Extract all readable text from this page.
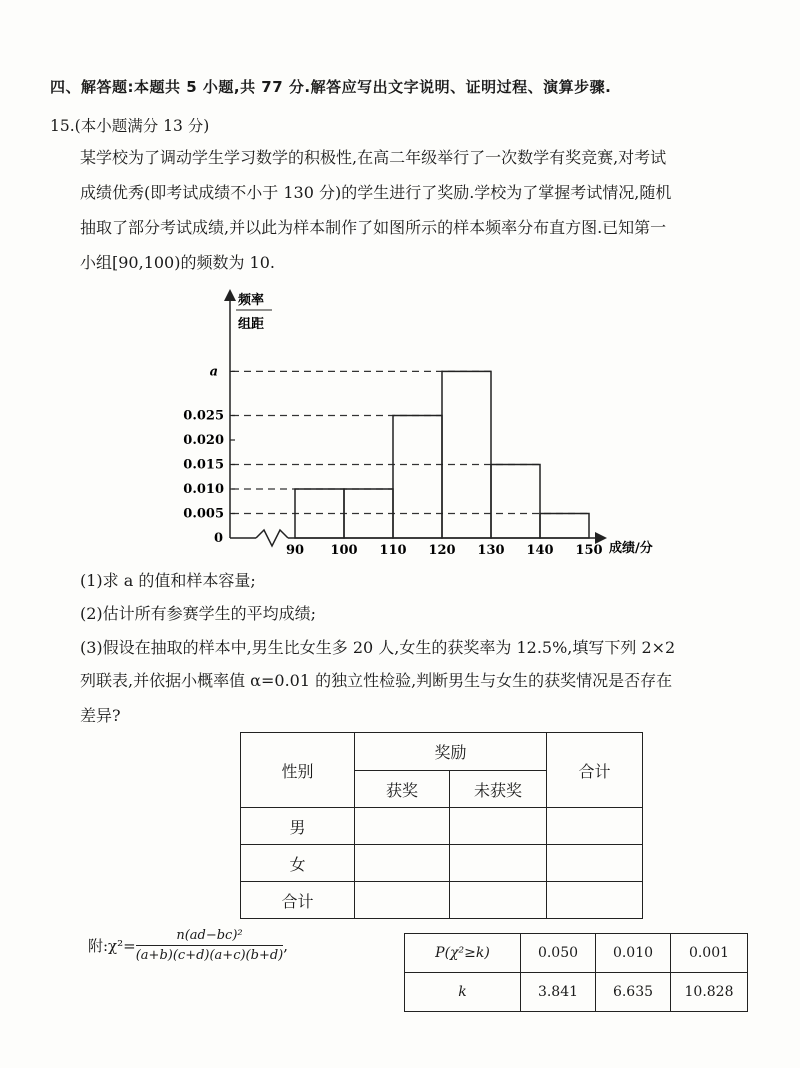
四、解答题:本题共 5 小题,共 77 分.解答应写出文字说明、证明过程、演算步骤.
15.(本小题满分 13 分)

某学校为了调动学生学习数学的积极性,在高二年级举行了一次数学有奖竞赛,对考试

成绩优秀(即考试成绩不小于 130 分)的学生进行了奖励.学校为了掌握考试情况,随机

抽取了部分考试成绩,并以此为样本制作了如图所示的样本频率分布直方图.已知第一

小组[90,100)的频数为 10.

频率
组距
0
成绩/分
0.005
0.010
0.015
0.020
0.025
a
90 100 110 120 130 140 150
(1)求 a 的值和样本容量;
(2)估计所有参赛学生的平均成绩;
(3)假设在抽取的样本中,男生比女生多 20 人,女生的获奖率为 12.5%,填写下列 2×2
列联表,并依据小概率值 α=0.01 的独立性检验,判断男生与女生的获奖情况是否存在
差异?
性别	奖励		合计
	获奖	未获奖	
男			
女			
合计			
附:χ²= $\frac{\text{n(ad−bc)²}}{(a+b)(c+d)(a+c)(b+d)}$ ,	P(χ²≥k)	0.050	0.010	0.001
k	3.841	6.635	10.828
